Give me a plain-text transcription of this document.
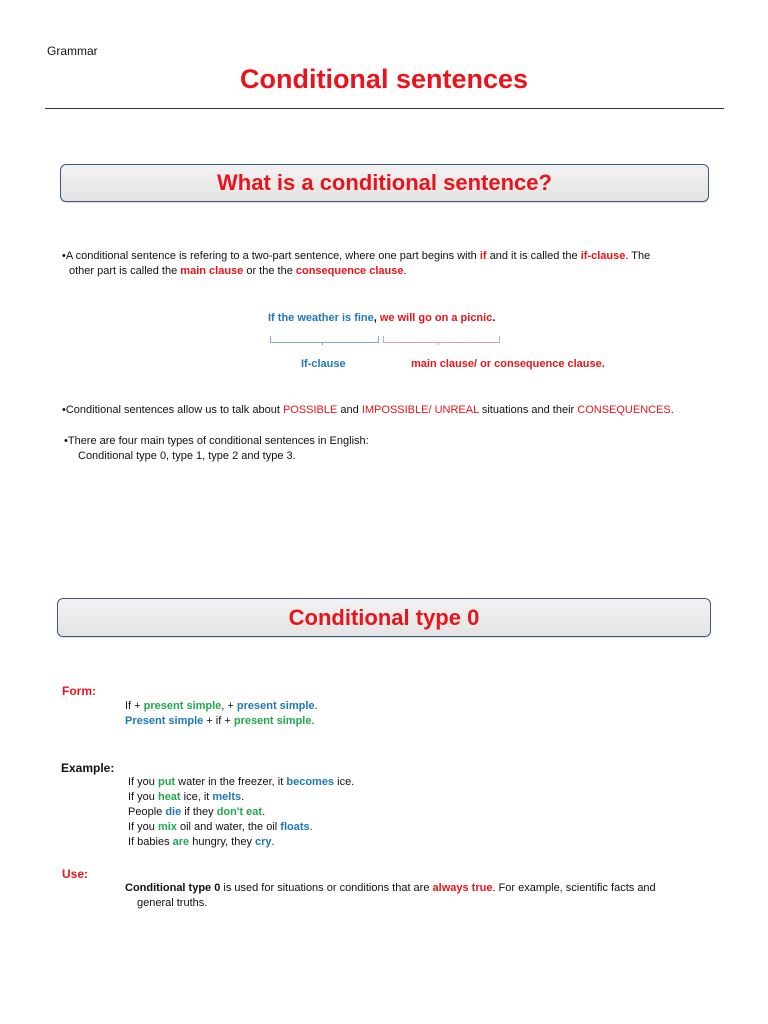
Grammar
Conditional sentences
What is a conditional sentence?
•A conditional sentence is refering to a two-part sentence, where one part begins with if and it is called the if-clause. The
other part is called the main clause or the the consequence clause.
If the weather is fine, we will go on a picnic.
If-clause	main clause/ or consequence clause.
•Conditional sentences allow us to talk about POSSIBLE and IMPOSSIBLE/ UNREAL situations and their CONSEQUENCES.
•There are four main types of conditional sentences in English:
Conditional type 0, type 1, type 2 and type 3.
Conditional type 0
Form:
If + present simple, + present simple.
Present simple + if + present simple.
Example:
If you put water in the freezer, it becomes ice.
If you heat ice, it melts.
People die if they don't eat.
If you mix oil and water, the oil floats.
If babies are hungry, they cry.
Use:
Conditional type 0 is used for situations or conditions that are always true. For example, scientific facts and
general truths.
